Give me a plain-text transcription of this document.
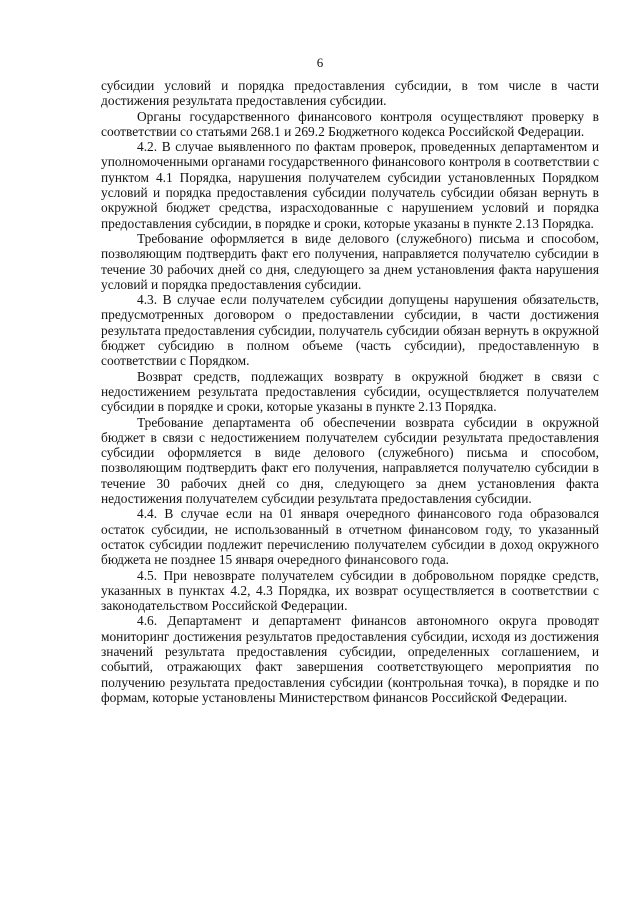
6

субсидии условий и порядка предоставления субсидии, в том числе в части достижения результата предоставления субсидии.

Органы государственного финансового контроля осуществляют проверку в соответствии со статьями 268.1 и 269.2 Бюджетного кодекса Российской Федерации.

4.2. В случае выявленного по фактам проверок, проведенных департаментом и уполномоченными органами государственного финансового контроля в соответствии с пунктом 4.1 Порядка, нарушения получателем субсидии установленных Порядком условий и порядка предоставления субсидии получатель субсидии обязан вернуть в окружной бюджет средства, израсходованные с нарушением условий и порядка предоставления субсидии, в порядке и сроки, которые указаны в пункте 2.13 Порядка.

Требование оформляется в виде делового (служебного) письма и способом, позволяющим подтвердить факт его получения, направляется получателю субсидии в течение 30 рабочих дней со дня, следующего за днем установления факта нарушения условий и порядка предоставления субсидии.

4.3. В случае если получателем субсидии допущены нарушения обязательств, предусмотренных договором о предоставлении субсидии, в части достижения результата предоставления субсидии, получатель субсидии обязан вернуть в окружной бюджет субсидию в полном объеме (часть субсидии), предоставленную в соответствии с Порядком.

Возврат средств, подлежащих возврату в окружной бюджет в связи с недостижением результата предоставления субсидии, осуществляется получателем субсидии в порядке и сроки, которые указаны в пункте 2.13 Порядка.

Требование департамента об обеспечении возврата субсидии в окружной бюджет в связи с недостижением получателем субсидии результата предоставления субсидии оформляется в виде делового (служебного) письма и способом, позволяющим подтвердить факт его получения, направляется получателю субсидии в течение 30 рабочих дней со дня, следующего за днем установления факта недостижения получателем субсидии результата предоставления субсидии.

4.4. В случае если на 01 января очередного финансового года образовался остаток субсидии, не использованный в отчетном финансовом году, то указанный остаток субсидии подлежит перечислению получателем субсидии в доход окружного бюджета не позднее 15 января очередного финансового года.

4.5. При невозврате получателем субсидии в добровольном порядке средств, указанных в пунктах 4.2, 4.3 Порядка, их возврат осуществляется в соответствии с законодательством Российской Федерации.

4.6. Департамент и департамент финансов автономного округа проводят мониторинг достижения результатов предоставления субсидии, исходя из достижения значений результата предоставления субсидии, определенных соглашением, и событий, отражающих факт завершения соответствующего мероприятия по получению результата предоставления субсидии (контрольная точка), в порядке и по формам, которые установлены Министерством финансов Российской Федерации.
